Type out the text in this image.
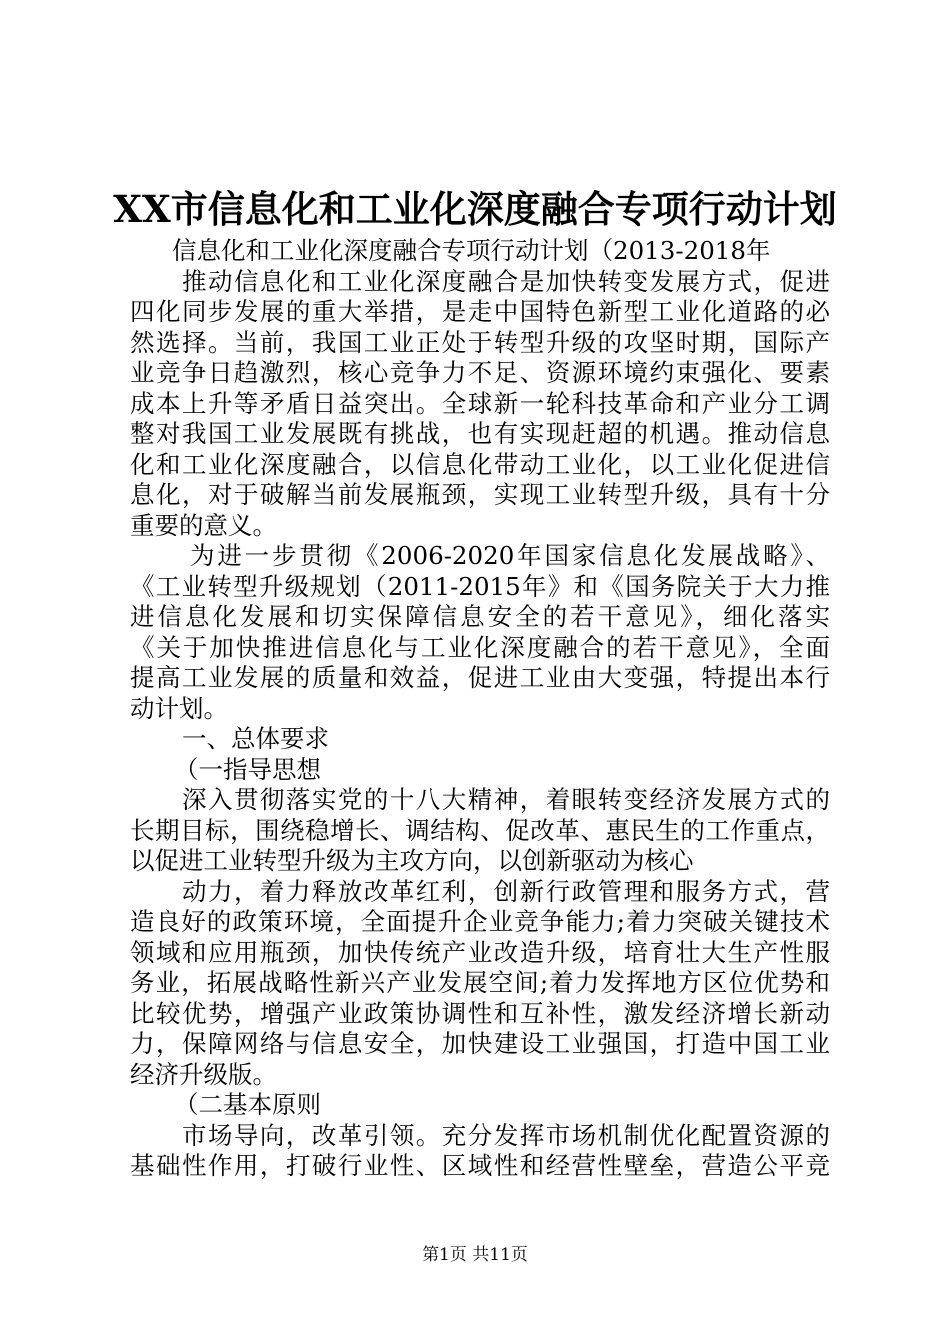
XX市信息化和工业化深度融合专项行动计划
信息化和工业化深度融合专项行动计划（2013-2018年
推动信息化和工业化深度融合是加快转变发展方式，促进
四化同步发展的重大举措，是走中国特色新型工业化道路的必
然选择。当前，我国工业正处于转型升级的攻坚时期，国际产
业竞争日趋激烈，核心竞争力不足、资源环境约束强化、要素
成本上升等矛盾日益突出。全球新一轮科技革命和产业分工调
整对我国工业发展既有挑战，也有实现赶超的机遇。推动信息
化和工业化深度融合，以信息化带动工业化，以工业化促进信
息化，对于破解当前发展瓶颈，实现工业转型升级，具有十分
重要的意义。
为进一步贯彻《2006-2020年国家信息化发展战略》、
《工业转型升级规划（2011-2015年》和《国务院关于大力推
进信息化发展和切实保障信息安全的若干意见》，细化落实
《关于加快推进信息化与工业化深度融合的若干意见》，全面
提高工业发展的质量和效益，促进工业由大变强，特提出本行
动计划。
一、总体要求
（一指导思想
深入贯彻落实党的十八大精神，着眼转变经济发展方式的
长期目标，围绕稳增长、调结构、促改革、惠民生的工作重点，
以促进工业转型升级为主攻方向，以创新驱动为核心
动力，着力释放改革红利，创新行政管理和服务方式，营
造良好的政策环境，全面提升企业竞争能力;着力突破关键技术
领域和应用瓶颈，加快传统产业改造升级，培育壮大生产性服
务业，拓展战略性新兴产业发展空间;着力发挥地方区位优势和
比较优势，增强产业政策协调性和互补性，激发经济增长新动
力，保障网络与信息安全，加快建设工业强国，打造中国工业
经济升级版。
（二基本原则
市场导向，改革引领。充分发挥市场机制优化配置资源的
基础性作用，打破行业性、区域性和经营性壁垒，营造公平竞
第1页 共11页
